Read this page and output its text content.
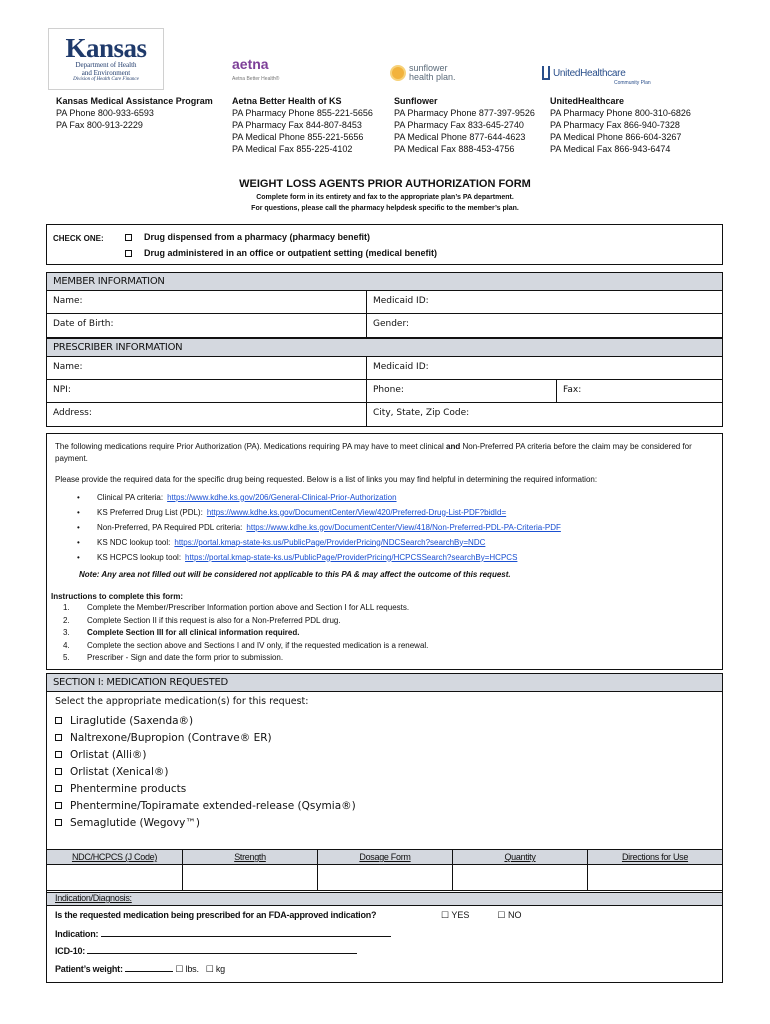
Kansas
Department of Health
and Environment
Division of Health Care Finance
aetna
Aetna Better Health®
sunflower
health plan.	UnitedHealthcare
Community Plan
Kansas Medical Assistance Program
PA Phone 800-933-6593
PA Fax 800-913-2229
Aetna Better Health of KS
PA Pharmacy Phone 855-221-5656
PA Pharmacy Fax 844-807-8453
PA Medical Phone 855-221-5656
PA Medical Fax 855-225-4102
Sunflower
PA Pharmacy Phone 877-397-9526
PA Pharmacy Fax 833-645-2740
PA Medical Phone 877-644-4623
PA Medical Fax 888-453-4756
UnitedHealthcare
PA Pharmacy Phone 800-310-6826
PA Pharmacy Fax 866-940-7328
PA Medical Phone 866-604-3267
PA Medical Fax 866-943-6474
WEIGHT LOSS AGENTS PRIOR AUTHORIZATION FORM
Complete form in its entirety and fax to the appropriate plan’s PA department.
For questions, please call the pharmacy helpdesk specific to the member’s plan.
CHECK ONE:	Drug dispensed from a pharmacy (pharmacy benefit)
Drug administered in an office or outpatient setting (medical benefit)
MEMBER INFORMATION
Name:	Medicaid ID:
Date of Birth:	Gender:
PRESCRIBER INFORMATION
Name:	Medicaid ID:
NPI:	Phone:	Fax:
Address:	City, State, Zip Code:
The following medications require Prior Authorization (PA). Medications requiring PA may have to meet clinical and Non-Preferred PA criteria before the claim may be considered for payment.
Please provide the required data for the specific drug being requested. Below is a list of links you may find helpful in determining the required information:
•	Clinical PA criteria: https://www.kdhe.ks.gov/206/General-Clinical-Prior-Authorization
•	KS Preferred Drug List (PDL): https://www.kdhe.ks.gov/DocumentCenter/View/420/Preferred-Drug-List-PDF?bidId=
•	Non-Preferred, PA Required PDL criteria: https://www.kdhe.ks.gov/DocumentCenter/View/418/Non-Preferred-PDL-PA-Criteria-PDF
•	KS NDC lookup tool: https://portal.kmap-state-ks.us/PublicPage/ProviderPricing/NDCSearch?searchBy=NDC
•	KS HCPCS lookup tool: https://portal.kmap-state-ks.us/PublicPage/ProviderPricing/HCPCSSearch?searchBy=HCPCS
Note: Any area not filled out will be considered not applicable to this PA & may affect the outcome of this request.
Instructions to complete this form:
1.	Complete the Member/Prescriber Information portion above and Section I for ALL requests.
2.	Complete Section II if this request is also for a Non-Preferred PDL drug.
3.	Complete Section III for all clinical information required.
4.	Complete the section above and Sections I and IV only, if the requested medication is a renewal.
5.	Prescriber - Sign and date the form prior to submission.
SECTION I: MEDICATION REQUESTED
Select the appropriate medication(s) for this request:
Liraglutide (Saxenda®)
Naltrexone/Bupropion (Contrave® ER)
Orlistat (Alli®)
Orlistat (Xenical®)
Phentermine products
Phentermine/Topiramate extended-release (Qsymia®)
Semaglutide (Wegovy™)
NDC/HCPCS (J Code)	Strength	Dosage Form	Quantity	Directions for Use
Indication/Diagnosis:
Is the requested medication being prescribed for an FDA-approved indication?	☐ YES	☐ NO
Indication:
ICD-10:
Patient’s weight:	☐ lbs. ☐ kg
